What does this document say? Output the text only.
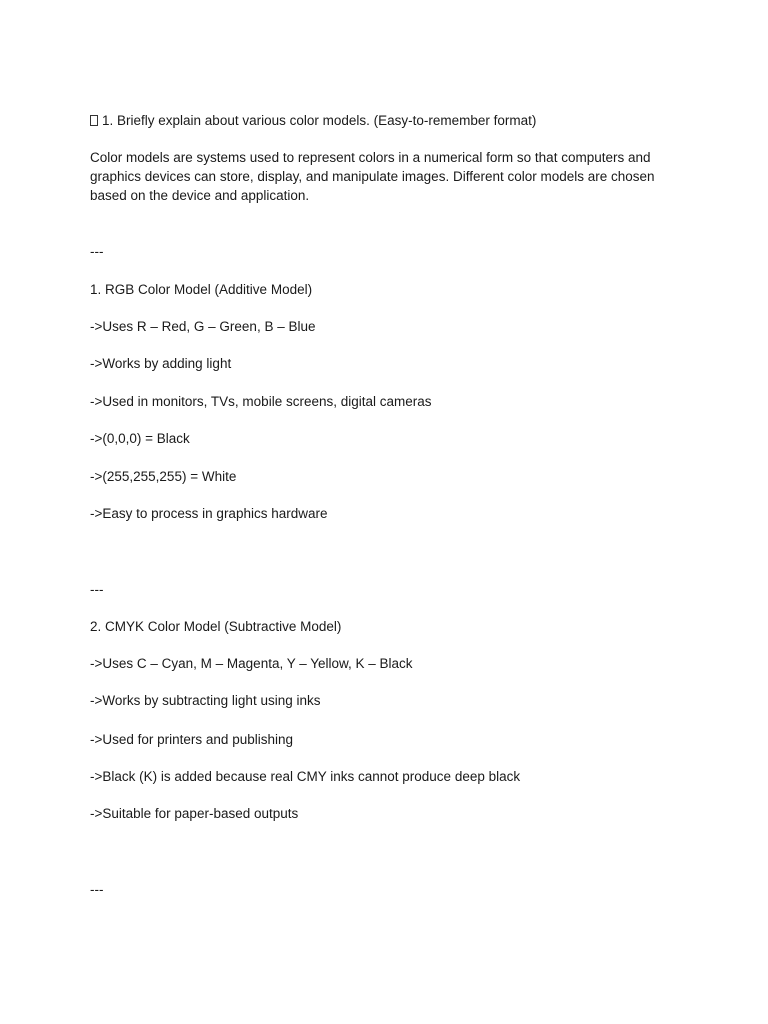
1. Briefly explain about various color models. (Easy-to-remember format)

Color models are systems used to represent colors in a numerical form so that computers and graphics devices can store, display, and manipulate images. Different color models are chosen based on the device and application.

---

1. RGB Color Model (Additive Model)

->Uses R – Red, G – Green, B – Blue

->Works by adding light

->Used in monitors, TVs, mobile screens, digital cameras

->(0,0,0) = Black

->(255,255,255) = White

->Easy to process in graphics hardware

---

2. CMYK Color Model (Subtractive Model)

->Uses C – Cyan, M – Magenta, Y – Yellow, K – Black

->Works by subtracting light using inks

->Used for printers and publishing

->Black (K) is added because real CMY inks cannot produce deep black

->Suitable for paper-based outputs

---
